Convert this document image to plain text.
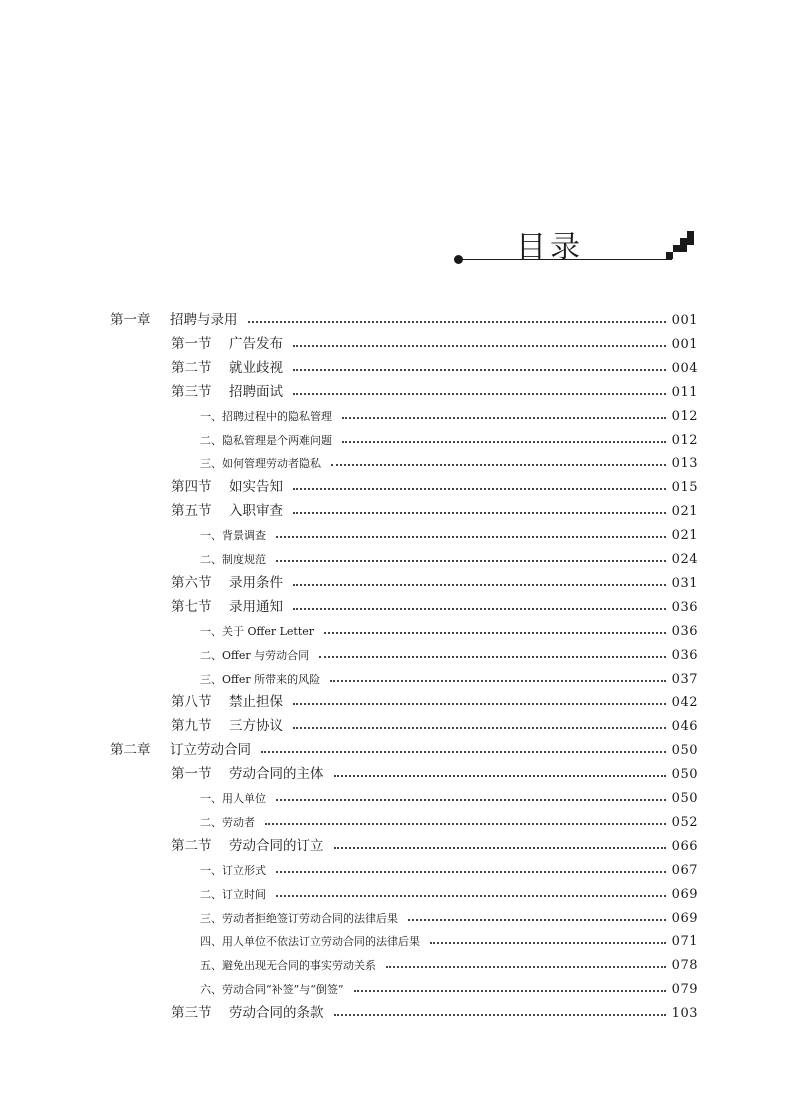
目录
第一章 招聘与录用	001
第一节 广告发布	001
第二节 就业歧视	004
第三节 招聘面试	011
一、招聘过程中的隐私管理	012
二、隐私管理是个两难问题	012
三、如何管理劳动者隐私	013
第四节 如实告知	015
第五节 入职审查	021
一、背景调查	021
二、制度规范	024
第六节 录用条件	031
第七节 录用通知	036
一、关于 Offer Letter	036
二、Offer 与劳动合同	036
三、Offer 所带来的风险	037
第八节 禁止担保	042
第九节 三方协议	046
第二章 订立劳动合同	050
第一节 劳动合同的主体	050
一、用人单位	050
二、劳动者	052
第二节 劳动合同的订立	066
一、订立形式	067
二、订立时间	069
三、劳动者拒绝签订劳动合同的法律后果	069
四、用人单位不依法订立劳动合同的法律后果	071
五、避免出现无合同的事实劳动关系	078
六、劳动合同“补签”与“倒签”	079
第三节 劳动合同的条款	103
